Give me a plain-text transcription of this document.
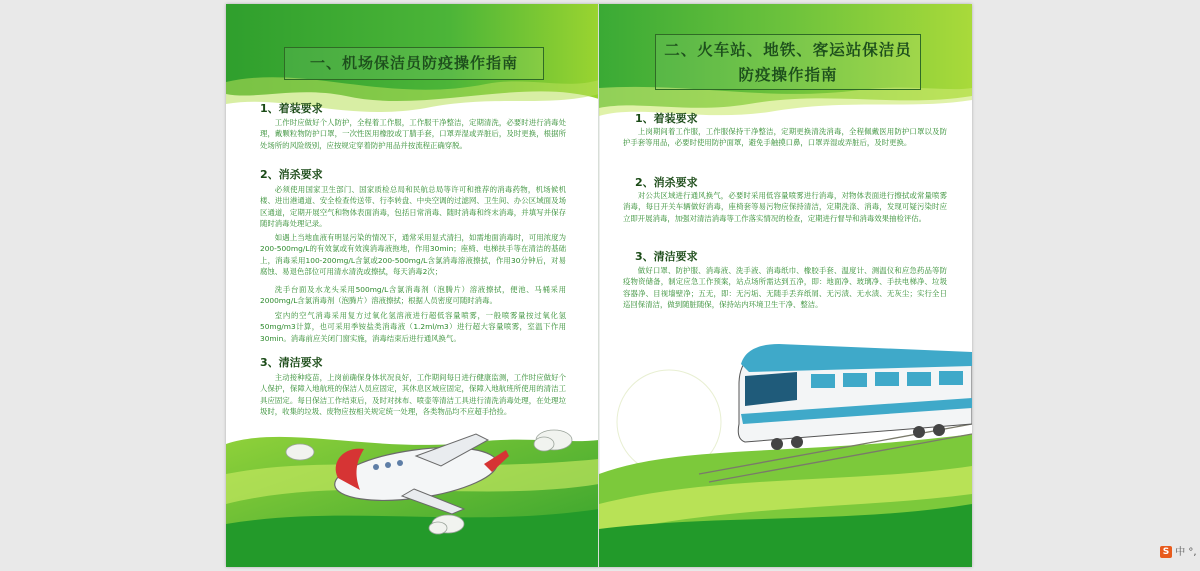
一、机场保洁员防疫操作指南
1、着装要求

工作时应做好个人防护，全程着工作服，工作服干净整洁，定期清洗，必要时进行消毒处理，戴颗粒物防护口罩，一次性医用橡胶或丁腈手套，口罩弄湿或弄脏后，及时更换，根据所处场所的风险级别，应按规定穿着防护用品并按流程正确穿脱。

2、消杀要求

必须使用国家卫生部门、国家质检总局和民航总局等许可和推荐的消毒药物，机场候机楼、进出港通道、安全检查传送带、行李转盘、中央空调的过滤网、卫生间、办公区域面及场区通道，定期开展空气和物体表面消毒，包括日常消毒、随时消毒和终末消毒，并填写并保存随时消毒处理记录。

如遇上当地血液有明显污染的情况下，通常采用显式清扫，如需地面消毒时，可用浓度为200-500mg/L的有效氯或有效溴消毒液拖地，作用30min；座椅、电梯扶手等在清洁的基础上，消毒采用100-200mg/L含氯或200-500mg/L含氯消毒溶液擦拭，作用30分钟后，对易腐蚀、易退色部位可用清水清洗或擦拭，每天消毒2次；

洗手台面及水龙头采用500mg/L含氯消毒剂（泡腾片）溶液擦拭，便池、马桶采用2000mg/L含氯消毒剂（泡腾片）溶液擦拭；根据人员密度可随时消毒。

室内的空气消毒采用复方过氧化氢溶液进行超低容量喷雾，一般喷雾量按过氧化氢50mg/m3计算，也可采用季铵盐类消毒液（1.2ml/m3）进行超大容量喷雾，室温下作用30min。消毒前应关闭门窗实施，消毒结束后进行通风换气。

3、清洁要求

主动接种疫苗，上岗前确保身体状况良好，工作期间每日进行健康监测，工作时应做好个人保护，保障入地航班的保洁人员应固定，其休息区域应固定，保障入地航班所使用的清洁工具应固定。每日保洁工作结束后，及时对抹布、喷壶等清洁工具进行清洗消毒处理，在处理垃圾时，收集的垃圾、废物应按相关规定统一处理，各类物品均不应超手拾捡。

二、火车站、地铁、客运站保洁员
防疫操作指南
1、着装要求

上岗期间着工作服，工作服保持干净整洁，定期更换清洗消毒，全程佩戴医用防护口罩以及防护手套等用品，必要时使用防护面罩，避免手触摸口鼻，口罩弄湿或弄脏后，及时更换。

2、消杀要求

对公共区域进行通风换气，必要时采用低容量喷雾进行消毒，对物体表面进行擦拭或常量喷雾消毒，每日开关车辆做好消毒，座椅套等易污物应保持清洁，定期洗涤、消毒，发现可疑污染时应立即开展消毒，加强对清洁消毒等工作落实情况的检查，定期进行督导和消毒效果抽检评估。

3、清洁要求

做好口罩、防护服、消毒液、洗手液、消毒纸巾、橡胶手套、温度计、测温仪和应急药品等防疫物资储备，制定应急工作预案，站点场所需达到五净，即：地面净、玻璃净、手扶电梯净、垃圾容器净、目视墙壁净；五无，即：无污垢、无随手丢弃纸屑、无污渍、无水渍、无灰尘；实行全日巡回保清洁，做到随脏随保，保持站内环境卫生干净、整洁。

S 中 °,
